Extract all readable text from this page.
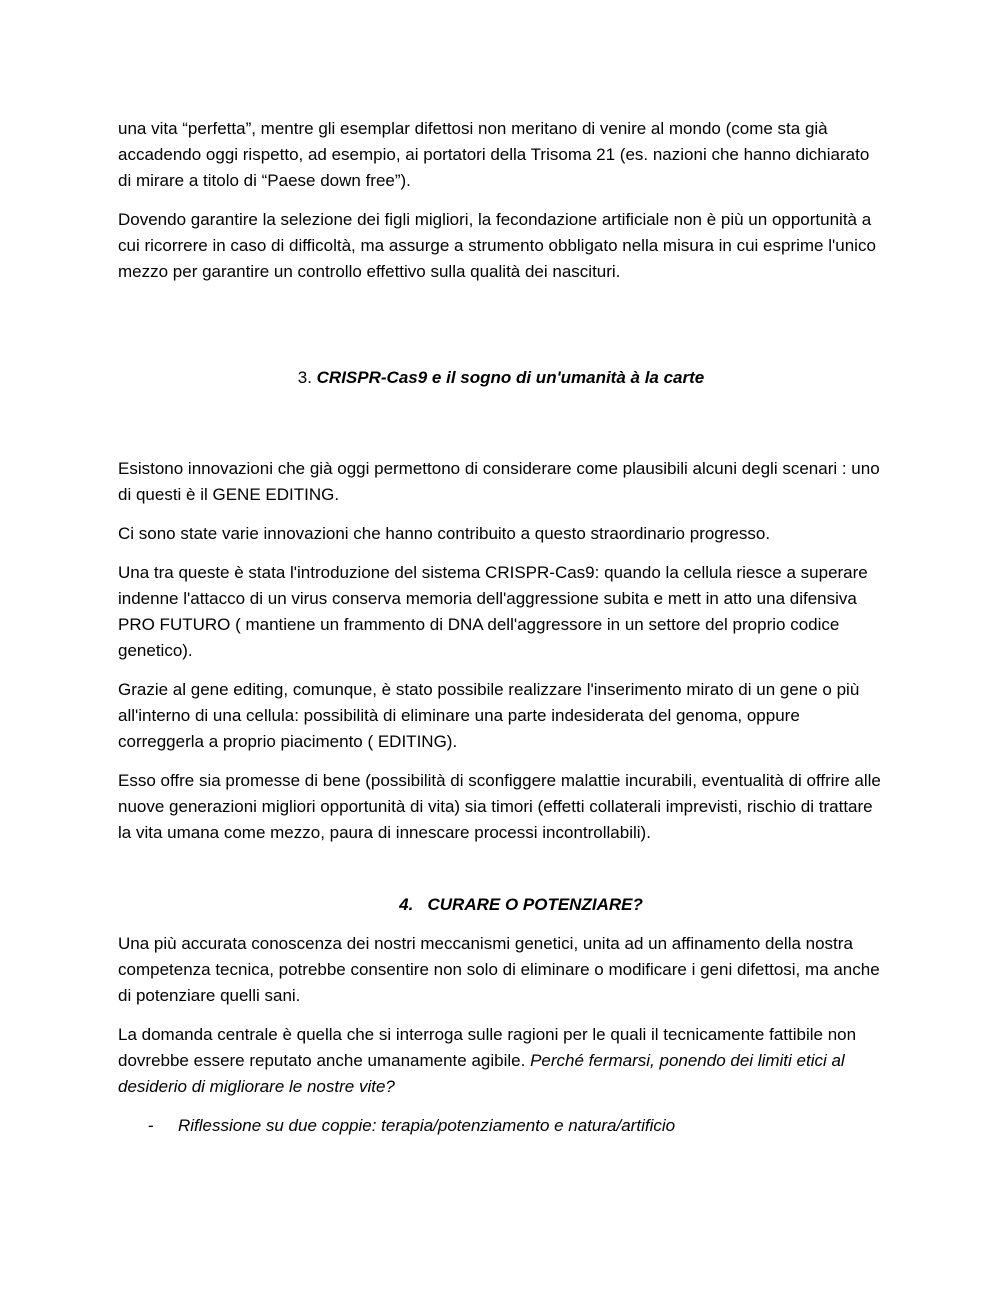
una vita “perfetta”, mentre gli esemplar difettosi non meritano di venire al mondo (come sta già accadendo oggi rispetto, ad esempio, ai portatori della Trisoma 21 (es. nazioni che hanno dichiarato di mirare a titolo di “Paese down free”).

Dovendo garantire la selezione dei figli migliori, la fecondazione artificiale non è più un opportunità a cui ricorrere in caso di difficoltà, ma assurge a strumento obbligato nella misura in cui esprime l'unico mezzo per garantire un controllo effettivo sulla qualità dei nascituri.

3. CRISPR-Cas9 e il sogno di un'umanità à la carte

Esistono innovazioni che già oggi permettono di considerare come plausibili alcuni degli scenari : uno di questi è il GENE EDITING.

Ci sono state varie innovazioni che hanno contribuito a questo straordinario progresso.

Una tra queste è stata l'introduzione del sistema CRISPR-Cas9: quando la cellula riesce a superare indenne l'attacco di un virus conserva memoria dell'aggressione subita e mett in atto una difensiva PRO FUTURO ( mantiene un frammento di DNA dell'aggressore in un settore del proprio codice genetico).

Grazie al gene editing, comunque, è stato possibile realizzare l'inserimento mirato di un gene o più all'interno di una cellula: possibilità di eliminare una parte indesiderata del genoma, oppure correggerla a proprio piacimento ( EDITING).

Esso offre sia promesse di bene (possibilità di sconfiggere malattie incurabili, eventualità di offrire alle nuove generazioni migliori opportunità di vita) sia timori (effetti collaterali imprevisti, rischio di trattare la vita umana come mezzo, paura di innescare processi incontrollabili).

4.   CURARE O POTENZIARE?

Una più accurata conoscenza dei nostri meccanismi genetici, unita ad un affinamento della nostra competenza tecnica, potrebbe consentire non solo di eliminare o modificare i geni difettosi, ma anche di potenziare quelli sani.

La domanda centrale è quella che si interroga sulle ragioni per le quali il tecnicamente fattibile non dovrebbe essere reputato anche umanamente agibile. Perché fermarsi, ponendo dei limiti etici al desiderio di migliorare le nostre vite?

-	Riflessione su due coppie: terapia/potenziamento e natura/artificio
